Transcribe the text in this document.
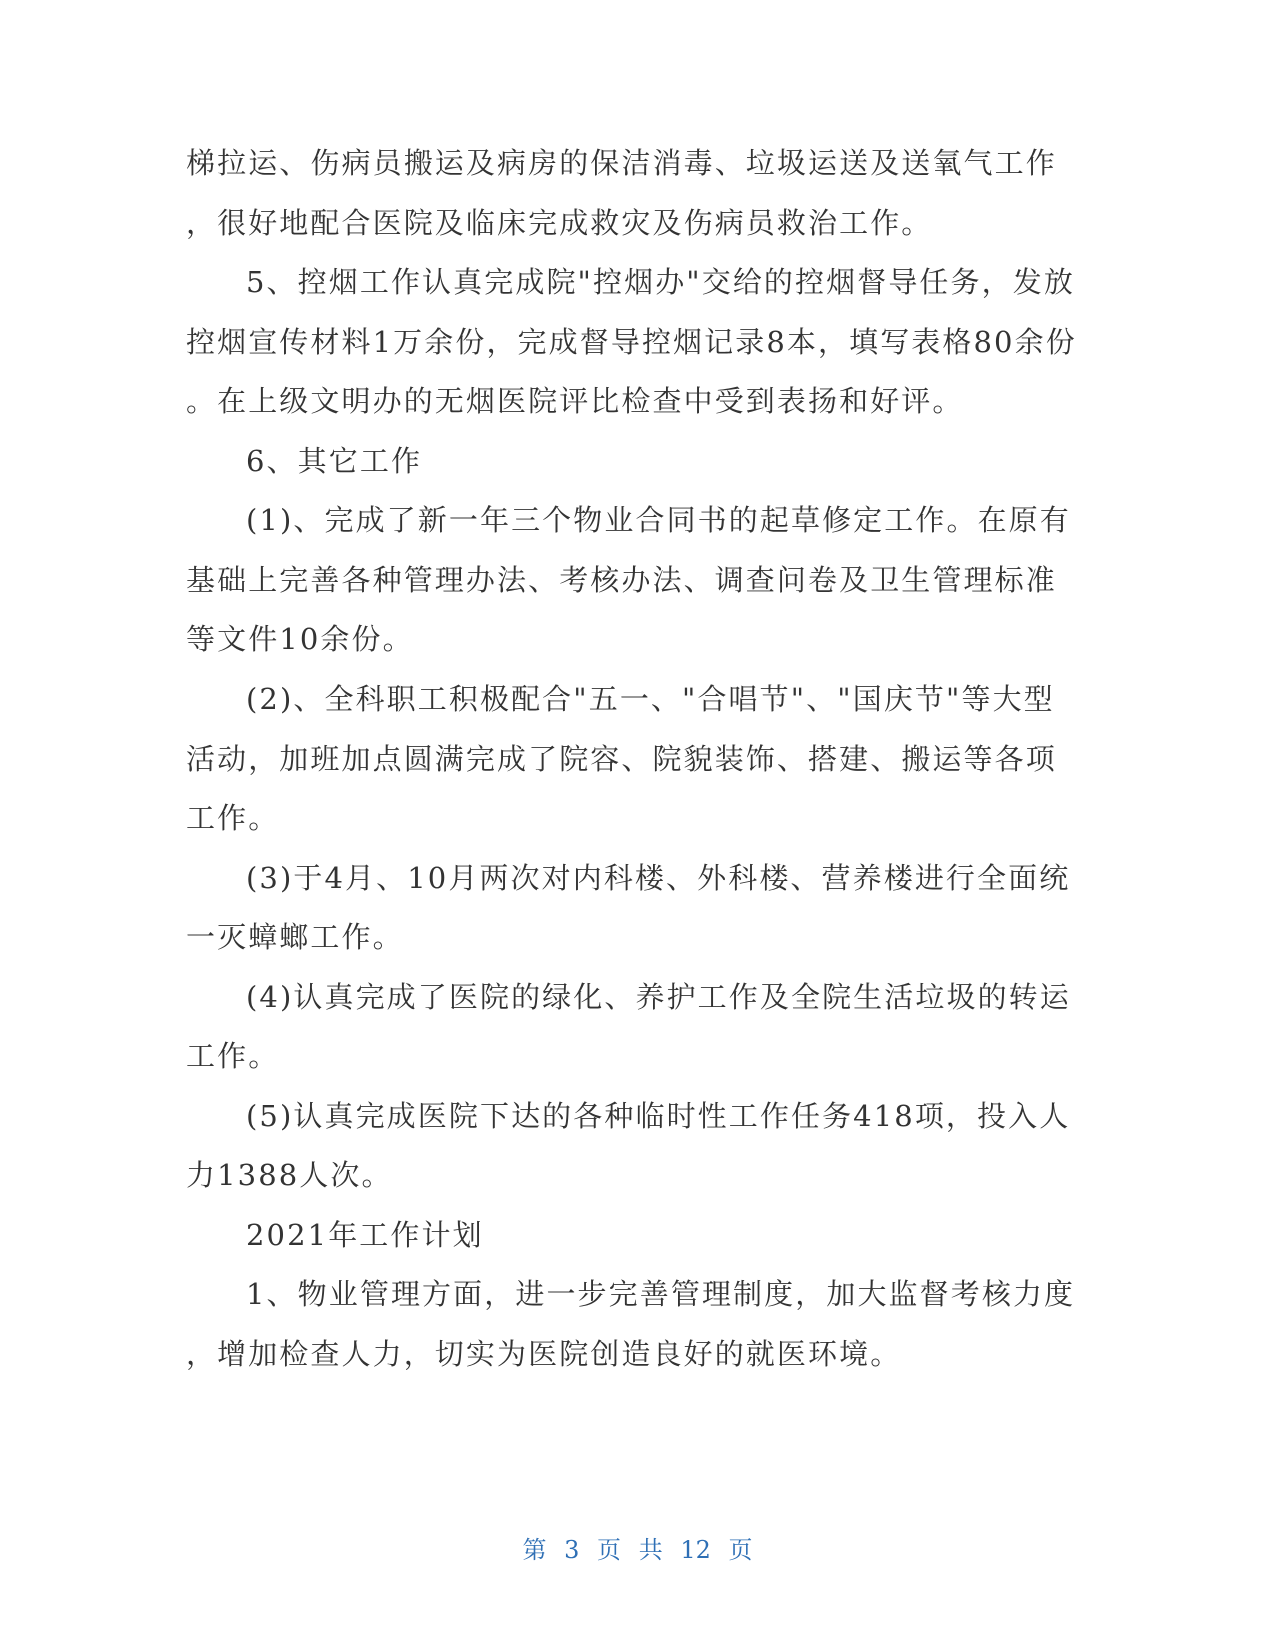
梯拉运、伤病员搬运及病房的保洁消毒、垃圾运送及送氧气工作
，很好地配合医院及临床完成救灾及伤病员救治工作。
5、控烟工作认真完成院"控烟办"交给的控烟督导任务，发放
控烟宣传材料1万余份，完成督导控烟记录8本，填写表格80余份
。在上级文明办的无烟医院评比检查中受到表扬和好评。
6、其它工作
(1)、完成了新一年三个物业合同书的起草修定工作。在原有
基础上完善各种管理办法、考核办法、调查问卷及卫生管理标准
等文件10余份。
(2)、全科职工积极配合"五一、"合唱节"、"国庆节"等大型
活动，加班加点圆满完成了院容、院貌装饰、搭建、搬运等各项
工作。
(3)于4月、10月两次对内科楼、外科楼、营养楼进行全面统
一灭蟑螂工作。
(4)认真完成了医院的绿化、养护工作及全院生活垃圾的转运
工作。
(5)认真完成医院下达的各种临时性工作任务418项，投入人
力1388人次。
2021年工作计划
1、物业管理方面，进一步完善管理制度，加大监督考核力度
，增加检查人力，切实为医院创造良好的就医环境。
第 3 页 共 12 页
